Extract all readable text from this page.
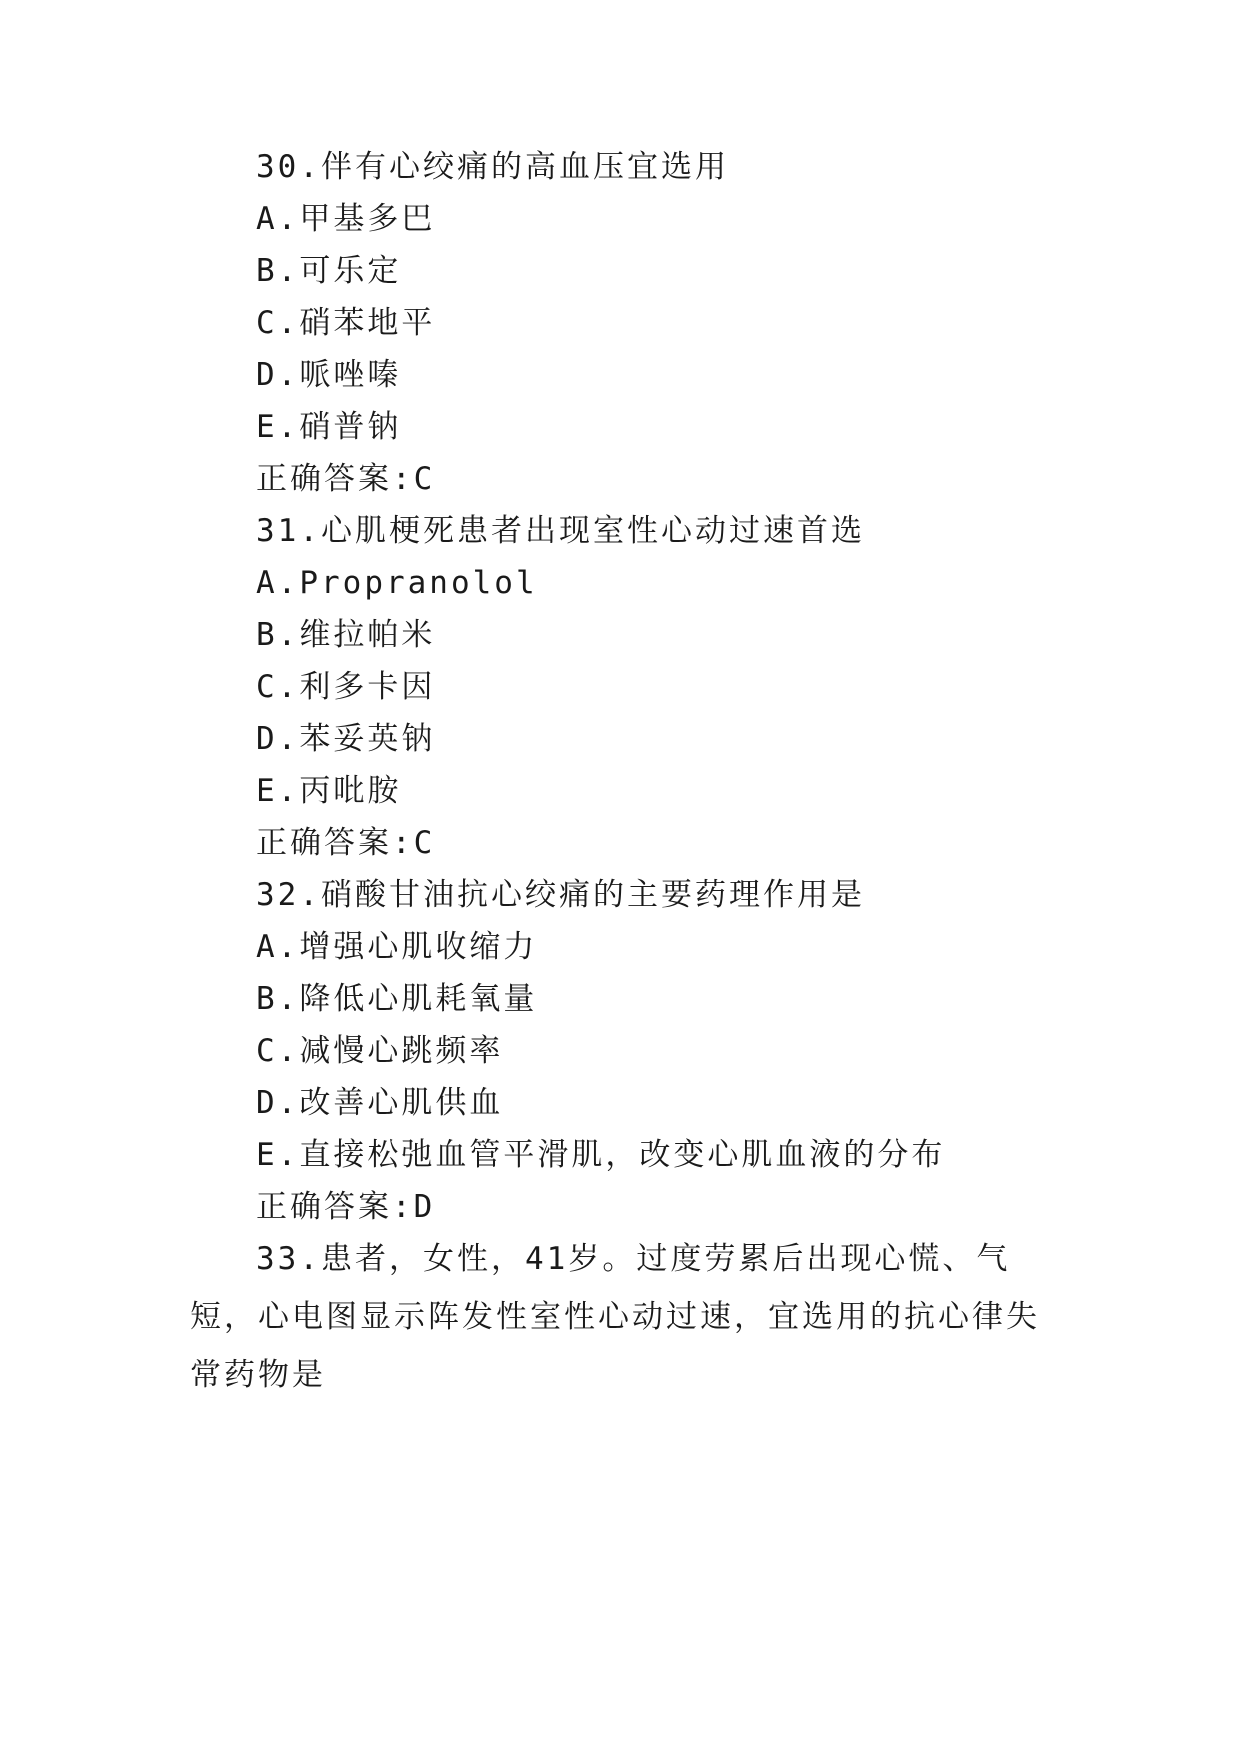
30.伴有心绞痛的高血压宜选用
A.甲基多巴
B.可乐定
C.硝苯地平
D.哌唑嗪
E.硝普钠
正确答案:C
31.心肌梗死患者出现室性心动过速首选
A.Propranolol
B.维拉帕米
C.利多卡因
D.苯妥英钠
E.丙吡胺
正确答案:C
32.硝酸甘油抗心绞痛的主要药理作用是
A.增强心肌收缩力
B.降低心肌耗氧量
C.减慢心跳频率
D.改善心肌供血
E.直接松弛血管平滑肌，改变心肌血液的分布
正确答案:D
33.患者，女性，41岁。过度劳累后出现心慌、气短，心电图显示阵发性室性心动过速，宜选用的抗心律失常药物是
